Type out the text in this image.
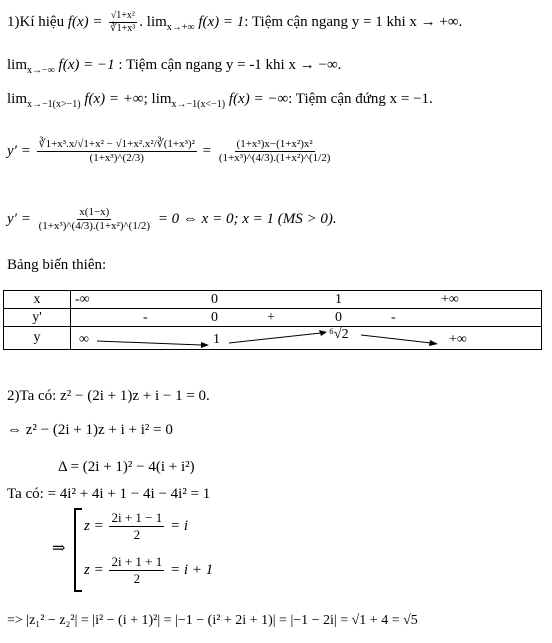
1)Kí hiệu $f(x) = \frac{\text{√1+x²}}{\text{∛1+x³}}$ . $\lim_{x\to+\infty} f(x) = 1$: Tiệm cận ngang y = 1 khi x → +∞.
$\lim_{x\to-\infty} f(x) = -1$ : Tiệm cận ngang y = -1 khi x → −∞.
$\lim_{x\to-1(x>-1)} f(x)$ = +∞; $\lim_{x\to-1(x<-1)} f(x)$ = −∞: Tiệm cận đứng x = −1.
$y' = \frac{\text{∛1+x³.x/√1+x² − √1+x².x²/∛(1+x³)²}}{\text{(1+x³)\textasciicircum{}(2/3)}} = \frac{\text{(1+x³)x−(1+x²)x²}}{\text{(1+x³)\textasciicircum{}(4/3).(1+x²)\textasciicircum{}(1/2)}}$
$y' = \frac{x(1-x)}{\text{(1+x³)\textasciicircum{}(4/3).(1+x²)\textasciicircum{}(1/2)}} = 0$ ⇔ x = 0; x = 1 (MS > 0).
Bảng biến thiên:
x	-∞ 0 1 +∞

y'	- 0 + 0 -

y	∞ 1 ⁶√2 +∞
2)Ta có: z² − (2i + 1)z + i − 1 = 0.
⇔ z² − (2i + 1)z + i + i² = 0
Δ = (2i + 1)² − 4(i + i²)
Ta có: = 4i² + 4i + 1 − 4i − 4i² = 1
⇒
$z = \frac{2i + 1 - 1}{2} = i$
$z = \frac{2i + 1 + 1}{2} = i + 1$
=> |z₁² − z₂²| = |i² − (i + 1)²| = |−1 − (i² + 2i + 1)| = |−1 − 2i| = √1 + 4 = √5
